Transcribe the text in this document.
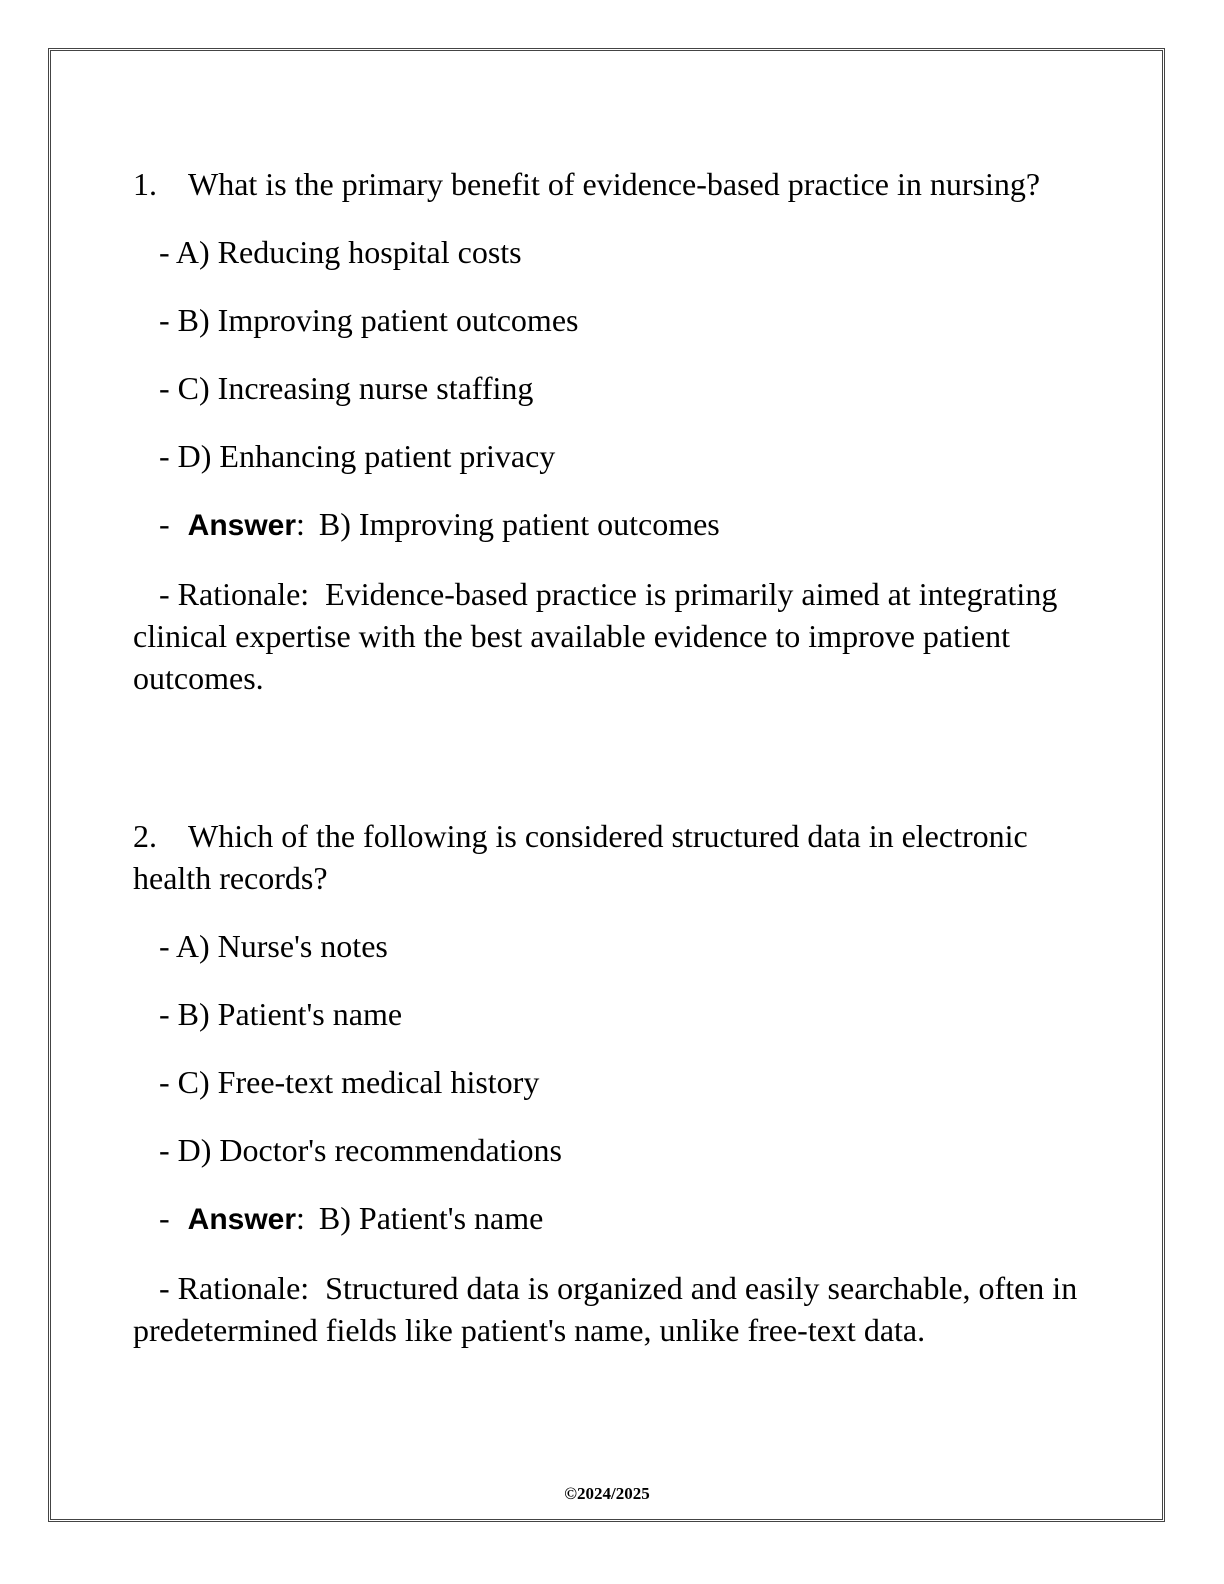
1. What is the primary benefit of evidence-based practice in nursing?

- A) Reducing hospital costs

- B) Improving patient outcomes

- C) Increasing nurse staffing

- D) Enhancing patient privacy

- Answer: B) Improving patient outcomes

- Rationale: Evidence-based practice is primarily aimed at integrating clinical expertise with the best available evidence to improve patient outcomes.

2. Which of the following is considered structured data in electronic health records?

- A) Nurse's notes

- B) Patient's name

- C) Free-text medical history

- D) Doctor's recommendations

- Answer: B) Patient's name

- Rationale: Structured data is organized and easily searchable, often in predetermined fields like patient's name, unlike free-text data.

©2024/2025
